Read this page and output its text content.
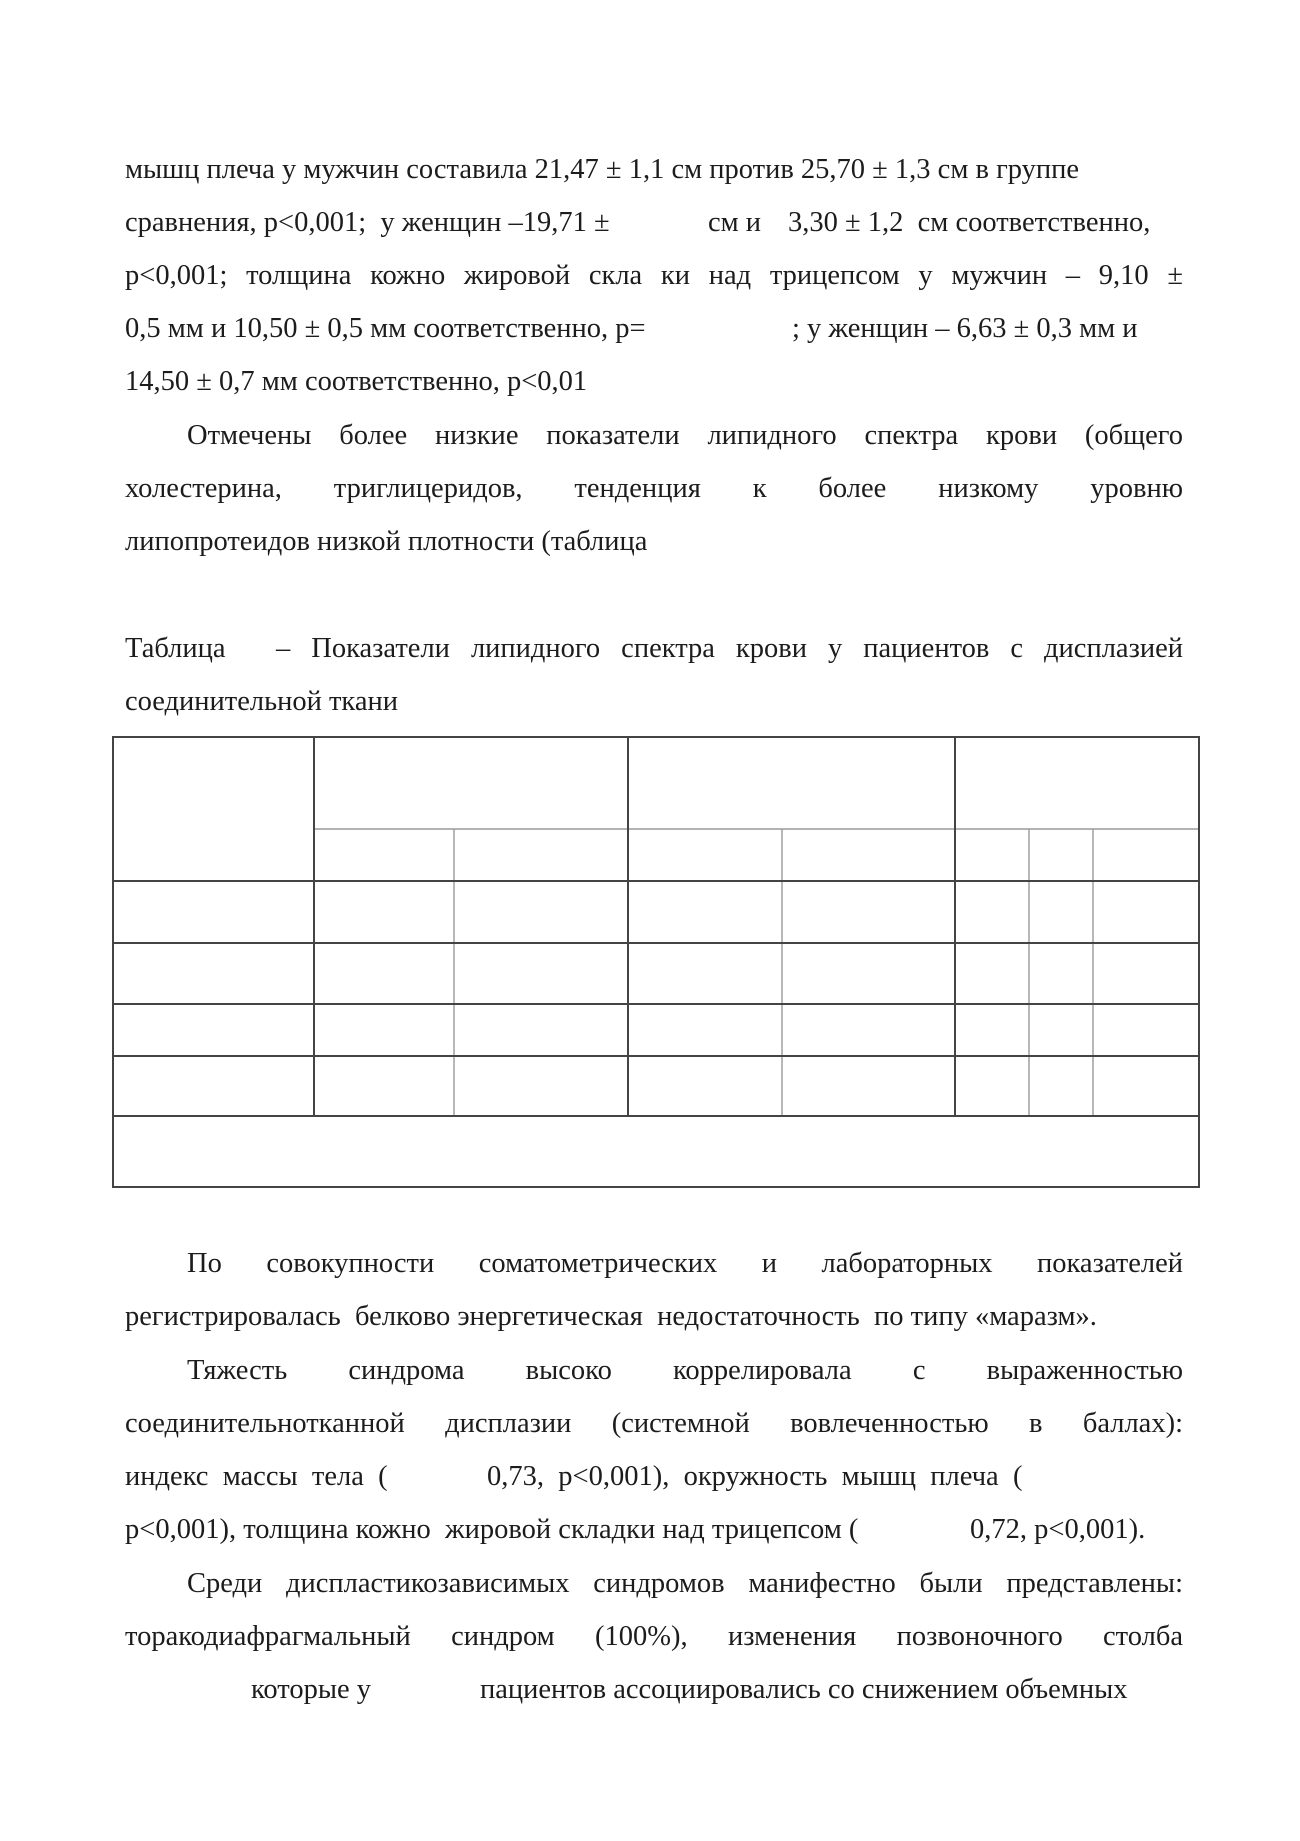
мышц плеча у мужчин составила 21,47 ± 1,1 см против 25,70 ± 1,3 см в группе
сравнения, р<0,001;  у женщин –19,71 ±	см и 3,30 ± 1,2  см соответственно,
р<0,001; толщина кожно жировой скла ки над трицепсом у мужчин – 9,10 ±
0,5 мм и 10,50 ± 0,5 мм соответственно, р=	; у женщин – 6,63 ± 0,3 мм и
14,50 ± 0,7 мм соответственно, р<0,01
Отмечены более низкие показатели липидного спектра крови (общего
холестерина, триглицеридов, тенденция к более низкому уровню
липопротеидов низкой плотности (таблица
Таблица – Показатели липидного спектра крови у пациентов с дисплазией
соединительной ткани
По совокупности соматометрических и лабораторных показателей
регистрировалась  белково энергетическая  недостаточность  по типу «маразм».
Тяжесть синдрома высоко коррелировала с выраженностью
соединительнотканной дисплазии (системной вовлеченностью в баллах):
индекс  массы  тела  (	0,73,  р<0,001),  окружность  мышц  плеча  (
р<0,001), толщина кожно  жировой складки над трицепсом (	0,72, р<0,001).
Среди диспластикозависимых синдромов манифестно были представлены:
торакодиафрагмальный синдром (100%), изменения позвоночного столба
которые у	пациентов ассоциировались со снижением объемных
